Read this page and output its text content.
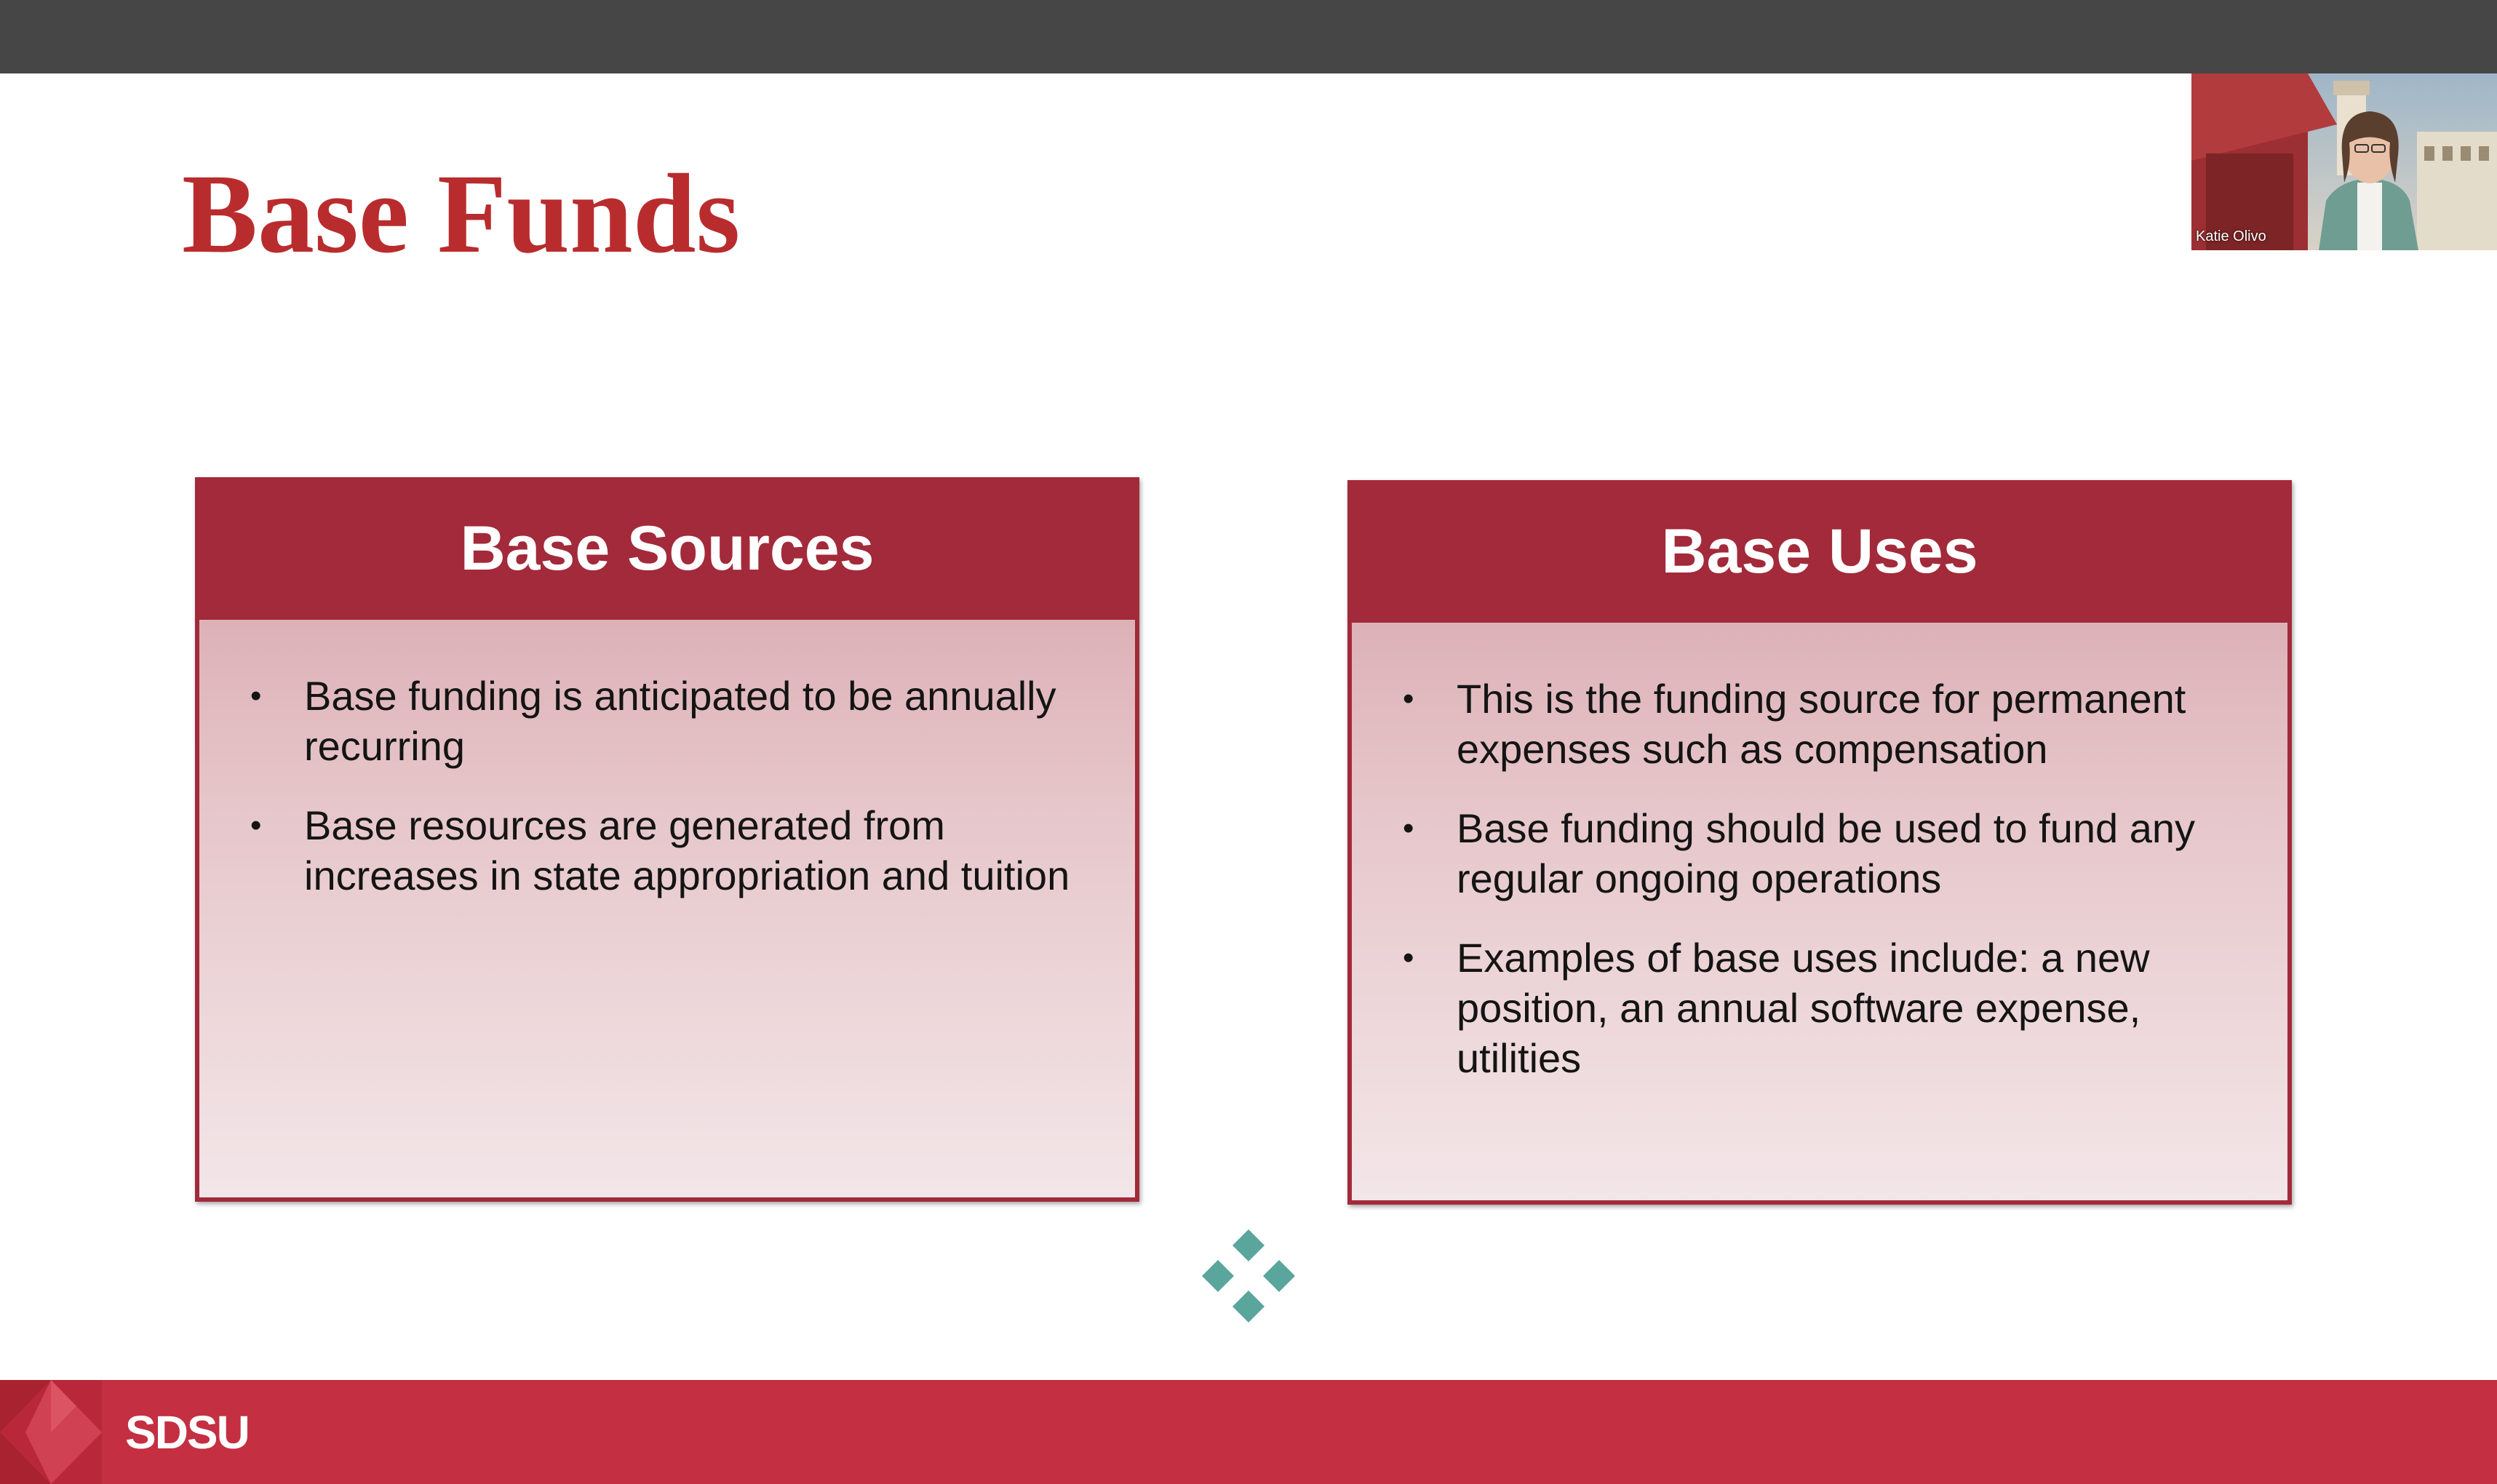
Base Funds	Katie Olivo
Base Sources
• Base funding is anticipated to be annually recurring
• Base resources are generated from increases in state appropriation and tuition
Base Uses
• This is the funding source for permanent expenses such as compensation
• Base funding should be used to fund any regular ongoing operations
• Examples of base uses include: a new position, an annual software expense, utilities
SDSU
